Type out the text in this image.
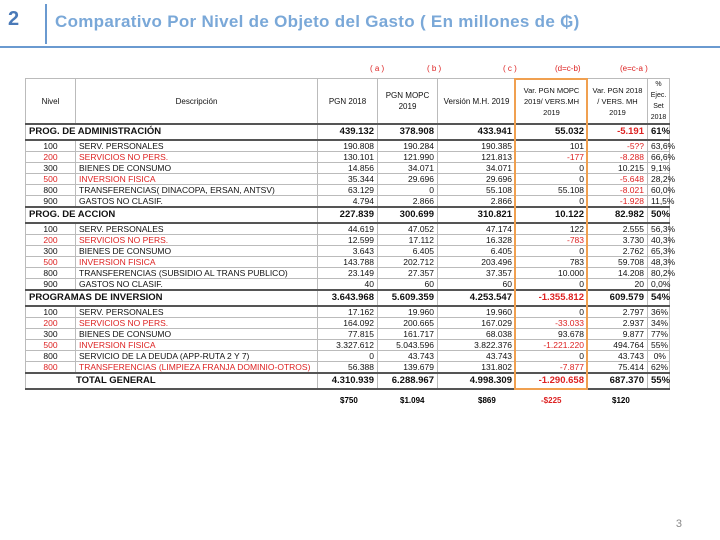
2 Comparativo Por Nivel de Objeto del Gasto ( En millones de ₲)
( a )	( b )	( c )	(d=c-b)	(e=c-a )
Nivel	Descripción	PGN 2018	PGN MOPC 2019	Versión M.H. 2019	Var. PGN MOPC 2019/ VERS.MH 2019	Var. PGN 2018 / VERS. MH 2019	% Ejec. Set 2018
PROG. DE ADMINISTRACIÓN		439.132	378.908	433.941	55.032	-5.191	61%
100	SERV. PERSONALES	190.808	190.284	190.385	101	-5??	63,6%
200	SERVICIOS NO PERS.	130.101	121.990	121.813	-177	-8.288	66,6%
300	BIENES DE CONSUMO	14.856	34.071	34.071	0	10.215	9,1%
500	INVERSION FISICA	35.344	29.696	29.696	0	-5.648	28,2%
800	TRANSFERENCIAS( DINACOPA, ERSAN, ANTSV)	63.129	0	55.108	55.108	-8.021	60,0%
900	GASTOS NO CLASIF.	4.794	2.866	2.866	0	-1.928	11,5%
PROG. DE ACCION		227.839	300.699	310.821	10.122	82.982	50%
100	SERV. PERSONALES	44.619	47.052	47.174	122	2.555	56,3%
200	SERVICIOS NO PERS.	12.599	17.112	16.328	-783	3.730	40,3%
300	BIENES DE CONSUMO	3.643	6.405	6.405	0	2.762	65,3%
500	INVERSION FISICA	143.788	202.712	203.496	783	59.708	48,3%
800	TRANSFERENCIAS (SUBSIDIO AL TRANS PUBLICO)	23.149	27.357	37.357	10.000	14.208	80,2%
900	GASTOS NO CLASIF.	40	60	60	0	20	0,0%
PROGRAMAS DE INVERSION		3.643.968	5.609.359	4.253.547	-1.355.812	609.579	54%
100	SERV. PERSONALES	17.162	19.960	19.960	0	2.797	36%
200	SERVICIOS NO PERS.	164.092	200.665	167.029	-33.033	2.937	34%
300	BIENES DE CONSUMO	77.815	161.717	68.038	93.678	9.877	77%
500	INVERSION FISICA	3.327.612	5.043.596	3.822.376	-1.221.220	494.764	55%
800	SERVICIO DE LA DEUDA (APP-RUTA 2 Y 7)	0	43.743	43.743	0	43.743	0%
800	TRANSFERENCIAS (LIMPIEZA FRANJA DOMINIO-OTROS)	56.388	139.679	131.802	-7.877	75.414	62%
TOTAL GENERAL		4.310.939	6.288.967	4.998.309	-1.290.658	687.370	55%
$750	$1.094	$869	-$225	$120
3
